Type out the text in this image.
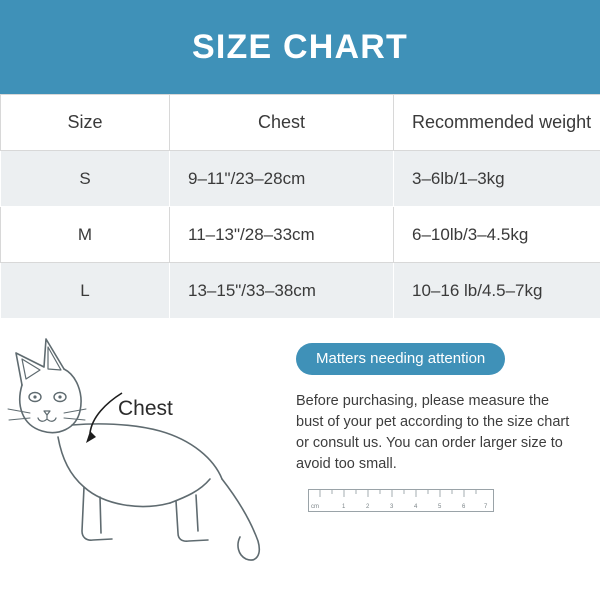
SIZE CHART
Size	Chest	Recommended weight
S	9–11"/23–28cm	3–6lb/1–3kg
M	11–13"/28–33cm	6–10lb/3–4.5kg
L	13–15"/33–38cm	10–16 lb/4.5–7kg
Chest
Matters needing attention
Before purchasing, please measure the bust of your pet according to the size chart or consult us. You can order larger size to avoid too small.
cm	1	2	3	4	5	6	7
